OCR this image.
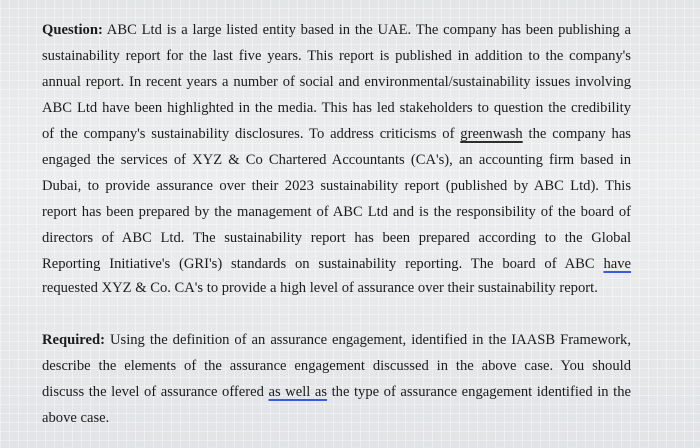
Question: ABC Ltd is a large listed entity based in the UAE. The company has been publishing a
sustainability report for the last five years. This report is published in addition to the company's
annual report. In recent years a number of social and environmental/sustainability issues involving
ABC Ltd have been highlighted in the media. This has led stakeholders to question the credibility
of the company's sustainability disclosures. To address criticisms of greenwash the company has
engaged the services of XYZ & Co Chartered Accountants (CA's), an accounting firm based in
Dubai, to provide assurance over their 2023 sustainability report (published by ABC Ltd). This
report has been prepared by the management of ABC Ltd and is the responsibility of the board of
directors of ABC Ltd. The sustainability report has been prepared according to the Global
Reporting Initiative's (GRI's) standards on sustainability reporting. The board of ABC have
requested XYZ & Co. CA's to provide a high level of assurance over their sustainability report.
Required: Using the definition of an assurance engagement, identified in the IAASB Framework,
describe the elements of the assurance engagement discussed in the above case. You should
discuss the level of assurance offered as well as the type of assurance engagement identified in the
above case.
